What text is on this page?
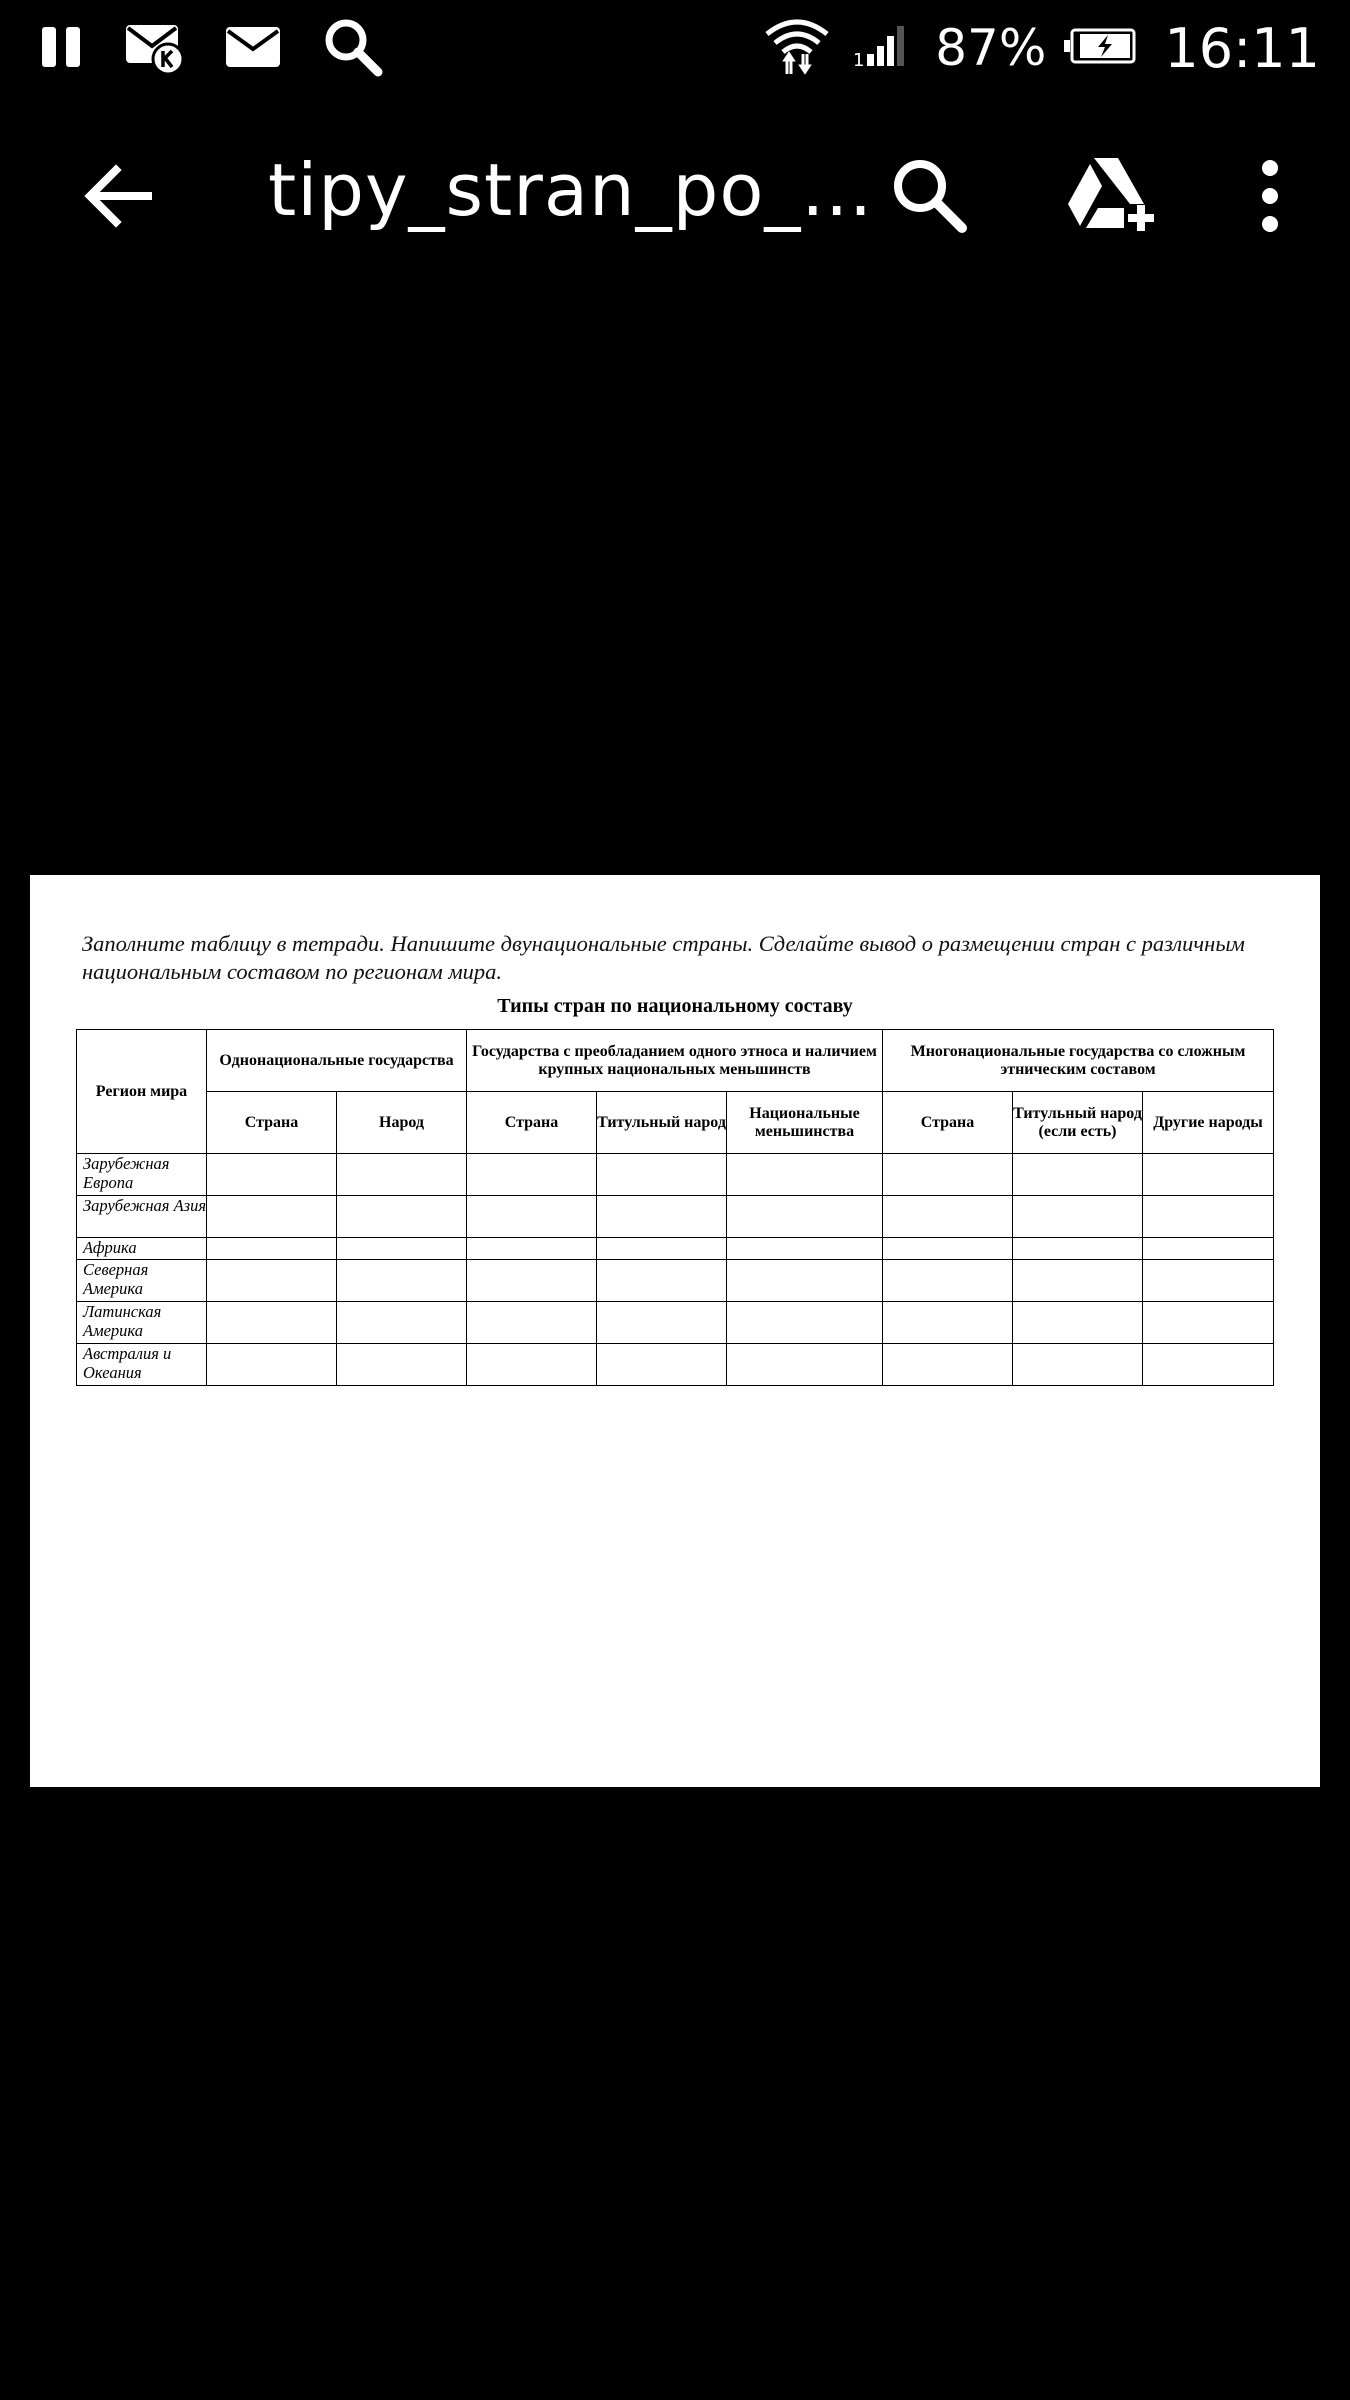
1 87% 16:11
tipy_stran_po_...
Заполните таблицу в тетради. Напишите двунациональные страны. Сделайте вывод о размещении стран с различным национальным составом по регионам мира.
Типы стран по национальному составу
Регион мира	Однонациональные государства		Государства с преобладанием одного этноса и наличием крупных национальных меньшинств			Многонациональные государства со сложным этническим составом		
	Страна	Народ	Страна	Титульный народ	Национальные меньшинства	Страна	Титульный народ (если есть)	Другие народы
Зарубежная Европа								
Зарубежная Азия								
Африка								
Северная Америка								
Латинская Америка								
Австралия и Океания								
